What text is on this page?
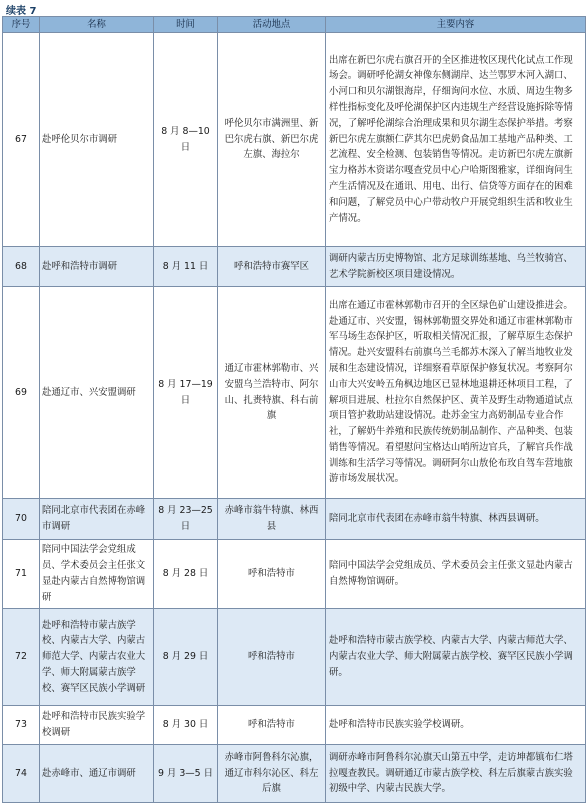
续表 7
序号	名称	时间	活动地点	主要内容
67	赴呼伦贝尔市调研	8 月 8—10 日	呼伦贝尔市满洲里、新巴尔虎右旗、新巴尔虎左旗、海拉尔	出席在新巴尔虎右旗召开的全区推进牧区现代化试点工作现场会。调研呼伦湖女神像东侧湖岸、达兰鄂罗木河入湖口、小河口和贝尔湖银海岸，仔细询问水位、水质、周边生物多样性指标变化及呼伦湖保护区内违规生产经营设施拆除等情况，了解呼伦湖综合治理成果和贝尔湖生态保护举措。考察新巴尔虎左旗额仁萨其尔巴虎奶食品加工基地产品种类、工艺流程、安全检测、包装销售等情况。走访新巴尔虎左旗新宝力格苏木资诺尔嘎查党员中心户哈斯图雅家，详细询问生产生活情况及在通讯、用电、出行、信贷等方面存在的困难和问题，了解党员中心户带动牧户开展党组织生活和牧业生产情况。
68	赴呼和浩特市调研	8 月 11 日	呼和浩特市赛罕区	调研内蒙古历史博物馆、北方足球训练基地、乌兰牧骑宫、艺术学院新校区项目建设情况。
69	赴通辽市、兴安盟调研	8 月 17—19 日	通辽市霍林郭勒市、兴安盟乌兰浩特市、阿尔山、扎赉特旗、科右前旗	出席在通辽市霍林郭勒市召开的全区绿色矿山建设推进会。赴通辽市、兴安盟，锡林郭勒盟交界处和通辽市霍林郭勒市军马场生态保护区，听取相关情况汇报，了解草原生态保护情况。赴兴安盟科右前旗乌兰毛都苏木深入了解当地牧业发展和生态建设情况，详细察看草原保护修复状况。考察阿尔山市大兴安岭五角枫边地区已显林地退耕还林项目工程，了解项目进展、杜拉尔自然保护区、黄羊及野生动物通道试点项目管护救助站建设情况。赴苏金宝力高奶制品专业合作社，了解奶牛养殖和民族传统奶制品制作、产品种类、包装销售等情况。看望慰问宝格达山哨所边官兵，了解官兵作战训练和生活学习等情况。调研阿尔山敖伦布玫自驾车营地旅游市场发展状况。
70	陪同北京市代表团在赤峰市调研	8 月 23—25 日	赤峰市翁牛特旗、林西县	陪同北京市代表团在赤峰市翁牛特旗、林西县调研。
71	陪同中国法学会党组成员、学术委员会主任张文显赴内蒙古自然博物馆调研	8 月 28 日	呼和浩特市	陪同中国法学会党组成员、学术委员会主任张文显赴内蒙古自然博物馆调研。
72	赴呼和浩特市蒙古族学校、内蒙古大学、内蒙古师范大学、内蒙古农业大学、师大附属蒙古族学校、赛罕区民族小学调研	8 月 29 日	呼和浩特市	赴呼和浩特市蒙古族学校、内蒙古大学、内蒙古师范大学、内蒙古农业大学、师大附属蒙古族学校、赛罕区民族小学调研。
73	赴呼和浩特市民族实验学校调研	8 月 30 日	呼和浩特市	赴呼和浩特市民族实验学校调研。
74	赴赤峰市、通辽市调研	9 月 3—5 日	赤峰市阿鲁科尔沁旗，通辽市科尔沁区、科左后旗	调研赤峰市阿鲁科尔沁旗天山第五中学，走访坤都镇布仁塔拉嘎查教民。调研通辽市蒙古族学校、科左后旗蒙古族实验初级中学、内蒙古民族大学。
